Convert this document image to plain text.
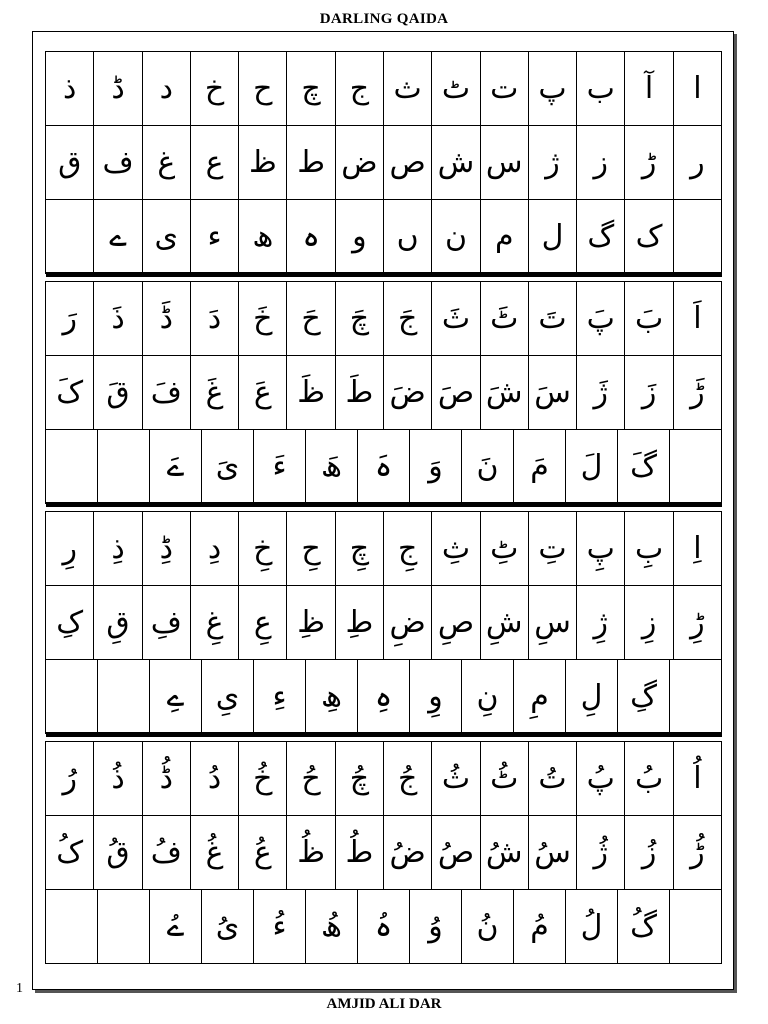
DARLING QAIDA
ا
آ
ب
پ
ت
ٹ
ث
ج
چ
ح
خ
د
ڈ
ذ
ر
ڑ
ز
ژ
س
ش
ص
ض
ط
ظ
ع
غ
ف
ق
ک
گ
ل
م
ن
ں
و
ہ
ھ
ء
ی
ے
اَ
بَ
پَ
تَ
ٹَ
ثَ
جَ
چَ
حَ
خَ
دَ
ڈَ
ذَ
رَ
ڑَ
زَ
ژَ
سَ
شَ
صَ
ضَ
طَ
ظَ
عَ
غَ
فَ
قَ
کَ
گَ
لَ
مَ
نَ
وَ
ہَ
ھَ
ءَ
یَ
ےَ
اِ
بِ
پِ
تِ
ٹِ
ثِ
جِ
چِ
حِ
خِ
دِ
ڈِ
ذِ
رِ
ڑِ
زِ
ژِ
سِ
شِ
صِ
ضِ
طِ
ظِ
عِ
غِ
فِ
قِ
کِ
گِ
لِ
مِ
نِ
وِ
ہِ
ھِ
ءِ
یِ
ےِ
اُ
بُ
پُ
تُ
ٹُ
ثُ
جُ
چُ
حُ
خُ
دُ
ڈُ
ذُ
رُ
ڑُ
زُ
ژُ
سُ
شُ
صُ
ضُ
طُ
ظُ
عُ
غُ
فُ
قُ
کُ
گُ
لُ
مُ
نُ
وُ
ہُ
ھُ
ءُ
یُ
ےُ
1
AMJID ALI DAR
